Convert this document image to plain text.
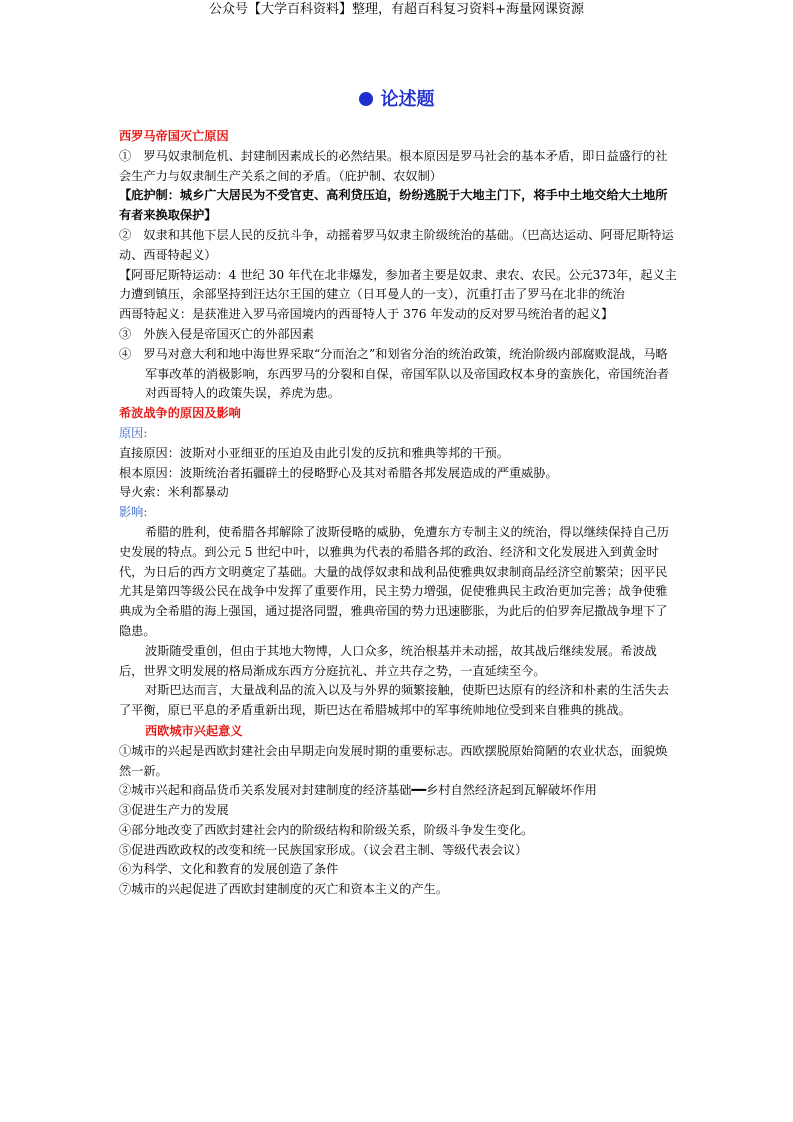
公众号【大学百科资料】整理，有超百科复习资料+海量网课资源
论述题

西罗马帝国灭亡原因

①　罗马奴隶制危机、封建制因素成长的必然结果。根本原因是罗马社会的基本矛盾，即日益盛行的社会生产力与奴隶制生产关系之间的矛盾。（庇护制、农奴制）

【庇护制：城乡广大居民为不受官吏、高利贷压迫，纷纷逃脱于大地主门下，将手中土地交给大土地所有者来换取保护】

②　奴隶和其他下层人民的反抗斗争，动摇着罗马奴隶主阶级统治的基础。（巴高达运动、阿哥尼斯特运动、西哥特起义）

【阿哥尼斯特运动：4 世纪 30 年代在北非爆发，参加者主要是奴隶、隶农、农民。公元373年，起义主力遭到镇压，余部坚持到汪达尔王国的建立（日耳曼人的一支），沉重打击了罗马在北非的统治

西哥特起义：是获准进入罗马帝国境内的西哥特人于 376 年发动的反对罗马统治者的起义】

③　外族入侵是帝国灭亡的外部因素

④　罗马对意大利和地中海世界采取“分而治之”和划省分治的统治政策，统治阶级内部腐败混战，马略军事改革的消极影响，东西罗马的分裂和自保，帝国军队以及帝国政权本身的蛮族化，帝国统治者对西哥特人的政策失误，养虎为患。

希波战争的原因及影响

原因:

直接原因：波斯对小亚细亚的压迫及由此引发的反抗和雅典等邦的干预。

根本原因：波斯统治者拓疆辟土的侵略野心及其对希腊各邦发展造成的严重威胁。

导火索：米利都暴动

影响:

希腊的胜利，使希腊各邦解除了波斯侵略的威胁，免遭东方专制主义的统治，得以继续保持自己历史发展的特点。到公元 5 世纪中叶，以雅典为代表的希腊各邦的政治、经济和文化发展进入到黄金时代，为日后的西方文明奠定了基础。大量的战俘奴隶和战利品使雅典奴隶制商品经济空前繁荣；因平民尤其是第四等级公民在战争中发挥了重要作用，民主势力增强，促使雅典民主政治更加完善；战争使雅典成为全希腊的海上强国，通过提洛同盟，雅典帝国的势力迅速膨胀，为此后的伯罗奔尼撒战争埋下了隐患。

波斯随受重创，但由于其地大物博，人口众多，统治根基并未动摇，故其战后继续发展。希波战后，世界文明发展的格局渐成东西方分庭抗礼、并立共存之势，一直延续至今。

对斯巴达而言，大量战利品的流入以及与外界的频繁接触，使斯巴达原有的经济和朴素的生活失去了平衡，原已平息的矛盾重新出现，斯巴达在希腊城邦中的军事统帅地位受到来自雅典的挑战。

西欧城市兴起意义

①城市的兴起是西欧封建社会由早期走向发展时期的重要标志。西欧摆脱原始简陋的农业状态，面貌焕然一新。

②城市兴起和商品货币关系发展对封建制度的经济基础━━乡村自然经济起到瓦解破坏作用

③促进生产力的发展

④部分地改变了西欧封建社会内的阶级结构和阶级关系，阶级斗争发生变化。

⑤促进西欧政权的改变和统一民族国家形成。（议会君主制、等级代表会议）

⑥为科学、文化和教育的发展创造了条件

⑦城市的兴起促进了西欧封建制度的灭亡和资本主义的产生。
